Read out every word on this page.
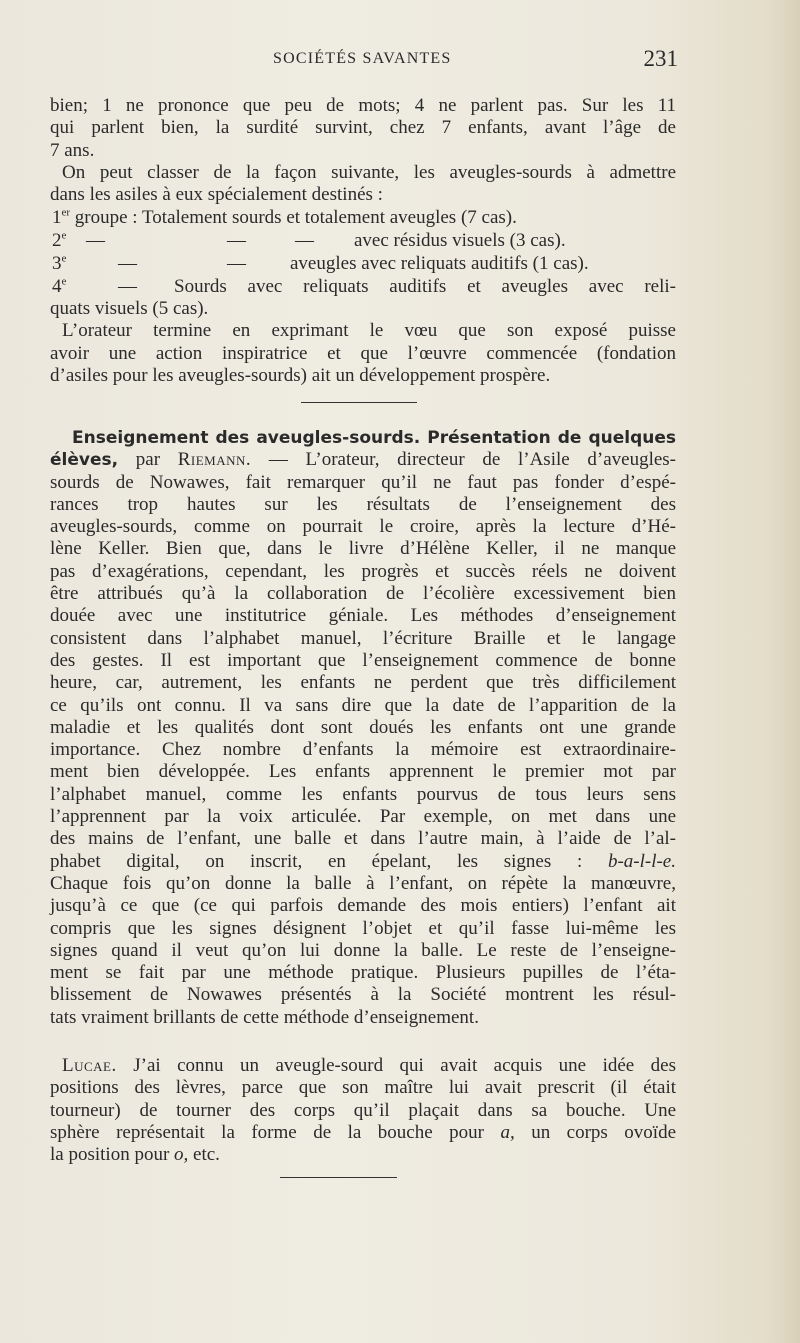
SOCIÉTÉS SAVANTES	231
bien; 1 ne prononce que peu de mots; 4 ne parlent pas. Sur les 11
qui parlent bien, la surdité survint, chez 7 enfants, avant l’âge de
7 ans.
On peut classer de la façon suivante, les aveugles-sourds à admettre
dans les asiles à eux spécialement destinés :
1er groupe : Totalement sourds et totalement aveugles (7 cas).
2e —	—	— avec résidus visuels (3 cas).
3e	—	— aveugles avec reliquats auditifs (1 cas).
4e	— Sourds avec reliquats auditifs et aveugles avec reli-
quats visuels (5 cas).
L’orateur termine en exprimant le vœu que son exposé puisse
avoir une action inspiratrice et que l’œuvre commencée (fondation
d’asiles pour les aveugles-sourds) ait un développement prospère.
Enseignement des aveugles-sourds. Présentation de quelques
élèves, par Riemann. — L’orateur, directeur de l’Asile d’aveugles-
sourds de Nowawes, fait remarquer qu’il ne faut pas fonder d’espé-
rances trop hautes sur les résultats de l’enseignement des
aveugles-sourds, comme on pourrait le croire, après la lecture d’Hé-
lène Keller. Bien que, dans le livre d’Hélène Keller, il ne manque
pas d’exagérations, cependant, les progrès et succès réels ne doivent
être attribués qu’à la collaboration de l’écolière excessivement bien
douée avec une institutrice géniale. Les méthodes d’enseignement
consistent dans l’alphabet manuel, l’écriture Braille et le langage
des gestes. Il est important que l’enseignement commence de bonne
heure, car, autrement, les enfants ne perdent que très difficilement
ce qu’ils ont connu. Il va sans dire que la date de l’apparition de la
maladie et les qualités dont sont doués les enfants ont une grande
importance. Chez nombre d’enfants la mémoire est extraordinaire-
ment bien développée. Les enfants apprennent le premier mot par
l’alphabet manuel, comme les enfants pourvus de tous leurs sens
l’apprennent par la voix articulée. Par exemple, on met dans une
des mains de l’enfant, une balle et dans l’autre main, à l’aide de l’al-
phabet digital, on inscrit, en épelant, les signes : b-a-l-l-e.
Chaque fois qu’on donne la balle à l’enfant, on répète la manœuvre,
jusqu’à ce que (ce qui parfois demande des mois entiers) l’enfant ait
compris que les signes désignent l’objet et qu’il fasse lui-même les
signes quand il veut qu’on lui donne la balle. Le reste de l’enseigne-
ment se fait par une méthode pratique. Plusieurs pupilles de l’éta-
blissement de Nowawes présentés à la Société montrent les résul-
tats vraiment brillants de cette méthode d’enseignement.
Lucae. J’ai connu un aveugle-sourd qui avait acquis une idée des
positions des lèvres, parce que son maître lui avait prescrit (il était
tourneur) de tourner des corps qu’il plaçait dans sa bouche. Une
sphère représentait la forme de la bouche pour a, un corps ovoïde
la position pour o, etc.
